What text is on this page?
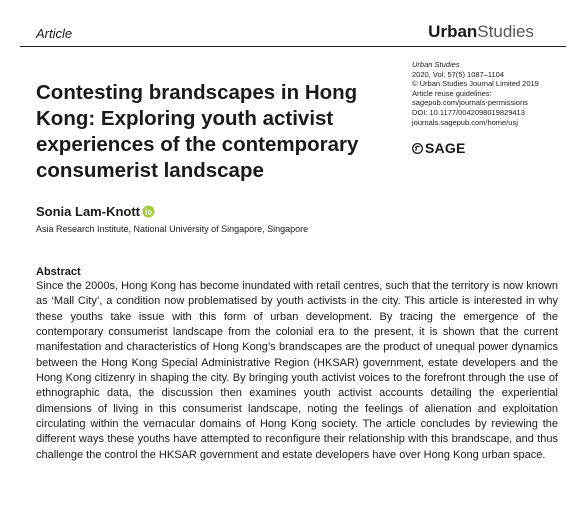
Article	UrbanStudies
Urban Studies
2020, Vol. 57(5) 1087–1104
© Urban Studies Journal Limited 2019
Article reuse guidelines:
sagepub.com/journals-permissions
DOI: 10.1177/0042098019829413
journals.sagepub.com/home/usj
SAGE
Contesting brandscapes in Hong Kong: Exploring youth activist experiences of the contemporary consumerist landscape
Sonia Lam-Knott
Asia Research Institute, National University of Singapore, Singapore
Abstract

Since the 2000s, Hong Kong has become inundated with retail centres, such that the territory is now known as ‘Mall City’, a condition now problematised by youth activists in the city. This article is interested in why these youths take issue with this form of urban development. By tracing the emergence of the contemporary consumerist landscape from the colonial era to the present, it is shown that the current manifestation and characteristics of Hong Kong’s brandscapes are the product of unequal power dynamics between the Hong Kong Special Administrative Region (HKSAR) government, estate developers and the Hong Kong citizenry in shaping the city. By bringing youth activist voices to the forefront through the use of ethnographic data, the discussion then examines youth activist accounts detailing the experiential dimensions of living in this consumerist landscape, noting the feelings of alienation and exploitation circulating within the vernacular domains of Hong Kong society. The article concludes by reviewing the different ways these youths have attempted to reconfigure their relationship with this brandscape, and thus challenge the control the HKSAR government and estate developers have over Hong Kong urban space.
